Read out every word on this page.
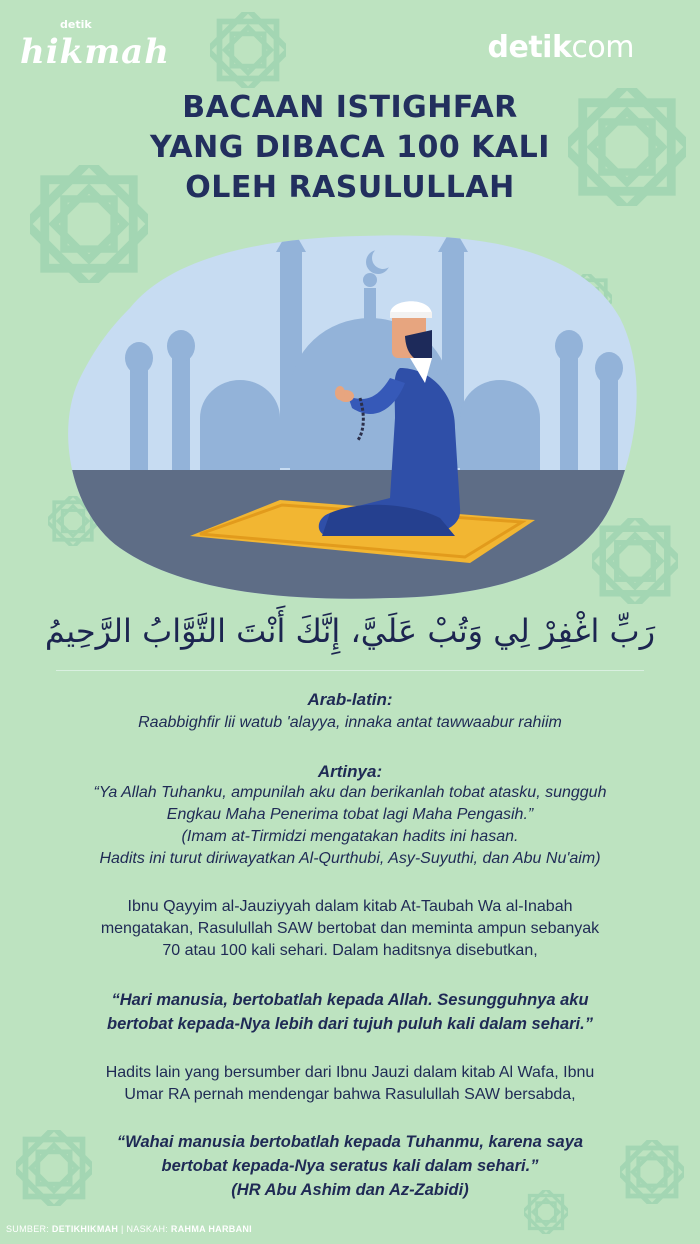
detik
hikmah	detikcom
BACAAN ISTIGHFAR
YANG DIBACA 100 KALI
OLEH RASULULLAH
رَبِّ اغْفِرْ لِي وَتُبْ عَلَيَّ، إِنَّكَ أَنْتَ التَّوَّابُ الرَّحِيمُ
Arab-latin:
Raabbighfir lii watub 'alayya, innaka antat tawwaabur rahiim
Artinya:
“Ya Allah Tuhanku, ampunilah aku dan berikanlah tobat atasku, sungguh
Engkau Maha Penerima tobat lagi Maha Pengasih.”
(Imam at-Tirmidzi mengatakan hadits ini hasan.
Hadits ini turut diriwayatkan Al-Qurthubi, Asy-Suyuthi, dan Abu Nu'aim)
Ibnu Qayyim al-Jauziyyah dalam kitab At-Taubah Wa al-Inabah
mengatakan, Rasulullah SAW bertobat dan meminta ampun sebanyak
70 atau 100 kali sehari. Dalam haditsnya disebutkan,
“Hari manusia, bertobatlah kepada Allah. Sesungguhnya aku
bertobat kepada-Nya lebih dari tujuh puluh kali dalam sehari.”
Hadits lain yang bersumber dari Ibnu Jauzi dalam kitab Al Wafa, Ibnu
Umar RA pernah mendengar bahwa Rasulullah SAW bersabda,
“Wahai manusia bertobatlah kepada Tuhanmu, karena saya
bertobat kepada-Nya seratus kali dalam sehari.”
(HR Abu Ashim dan Az-Zabidi)
SUMBER: DETIKHIKMAH | NASKAH: RAHMA HARBANI
